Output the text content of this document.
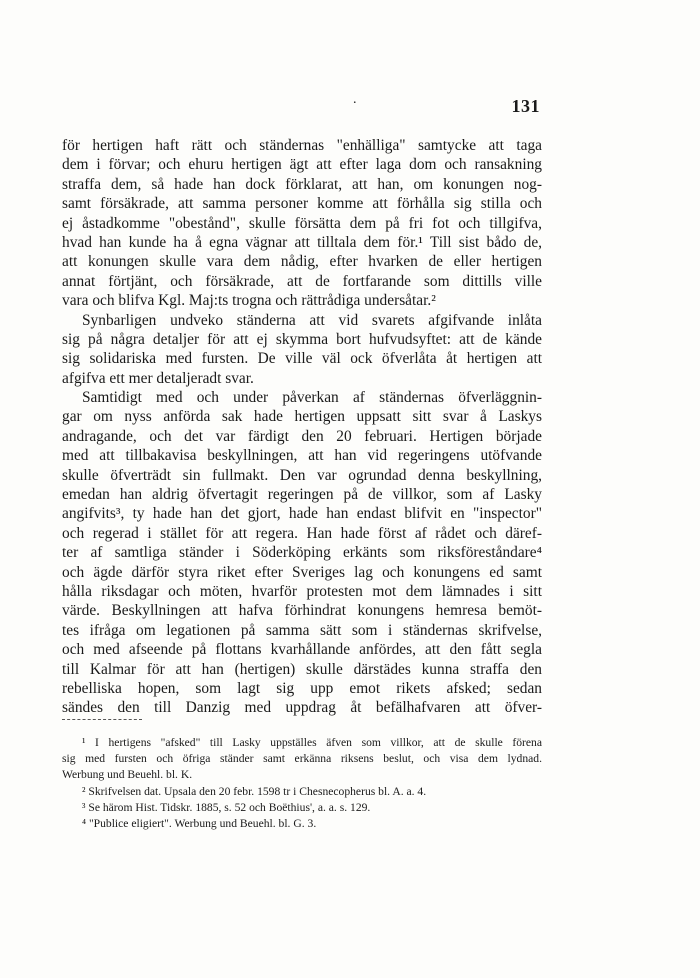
.	131
för hertigen haft rätt och ständernas "enhälliga" samtycke att taga
dem i förvar; och ehuru hertigen ägt att efter laga dom och ransakning
straffa dem, så hade han dock förklarat, att han, om konungen nog-
samt försäkrade, att samma personer komme att förhålla sig stilla och
ej åstadkomme "obestånd", skulle försätta dem på fri fot och tillgifva,
hvad han kunde ha å egna vägnar att tilltala dem för.¹ Till sist bådo de,
att konungen skulle vara dem nådig, efter hvarken de eller hertigen
annat förtjänt, och försäkrade, att de fortfarande som dittills ville
vara och blifva Kgl. Maj:ts trogna och rättrådiga undersåtar.²
Synbarligen undveko ständerna att vid svarets afgifvande inlåta
sig på några detaljer för att ej skymma bort hufvudsyftet: att de kände
sig solidariska med fursten. De ville väl ock öfverlåta åt hertigen att
afgifva ett mer detaljeradt svar.
Samtidigt med och under påverkan af ständernas öfverläggnin-
gar om nyss anförda sak hade hertigen uppsatt sitt svar å Laskys
andragande, och det var färdigt den 20 februari. Hertigen började
med att tillbakavisa beskyllningen, att han vid regeringens utöfvande
skulle öfverträdt sin fullmakt. Den var ogrundad denna beskyllning,
emedan han aldrig öfvertagit regeringen på de villkor, som af Lasky
angifvits³, ty hade han det gjort, hade han endast blifvit en "inspector"
och regerad i stället för att regera. Han hade först af rådet och däref-
ter af samtliga ständer i Söderköping erkänts som riksföreståndare⁴
och ägde därför styra riket efter Sveriges lag och konungens ed samt
hålla riksdagar och möten, hvarför protesten mot dem lämnades i sitt
värde. Beskyllningen att hafva förhindrat konungens hemresa bemöt-
tes ifråga om legationen på samma sätt som i ständernas skrifvelse,
och med afseende på flottans kvarhållande anfördes, att den fått segla
till Kalmar för att han (hertigen) skulle därstädes kunna straffa den
rebelliska hopen, som lagt sig upp emot rikets afsked; sedan
sändes den till Danzig med uppdrag åt befälhafvaren att öfver-
¹ I hertigens "afsked" till Lasky uppställes äfven som villkor, att de skulle förena
sig med fursten och öfriga ständer samt erkänna riksens beslut, och visa dem lydnad.
Werbung und Beuehl. bl. K.
² Skrifvelsen dat. Upsala den 20 febr. 1598 tr i Chesnecopherus bl. A. a. 4.
³ Se härom Hist. Tidskr. 1885, s. 52 och Boëthius', a. a. s. 129.
⁴ "Publice eligiert". Werbung und Beuehl. bl. G. 3.
